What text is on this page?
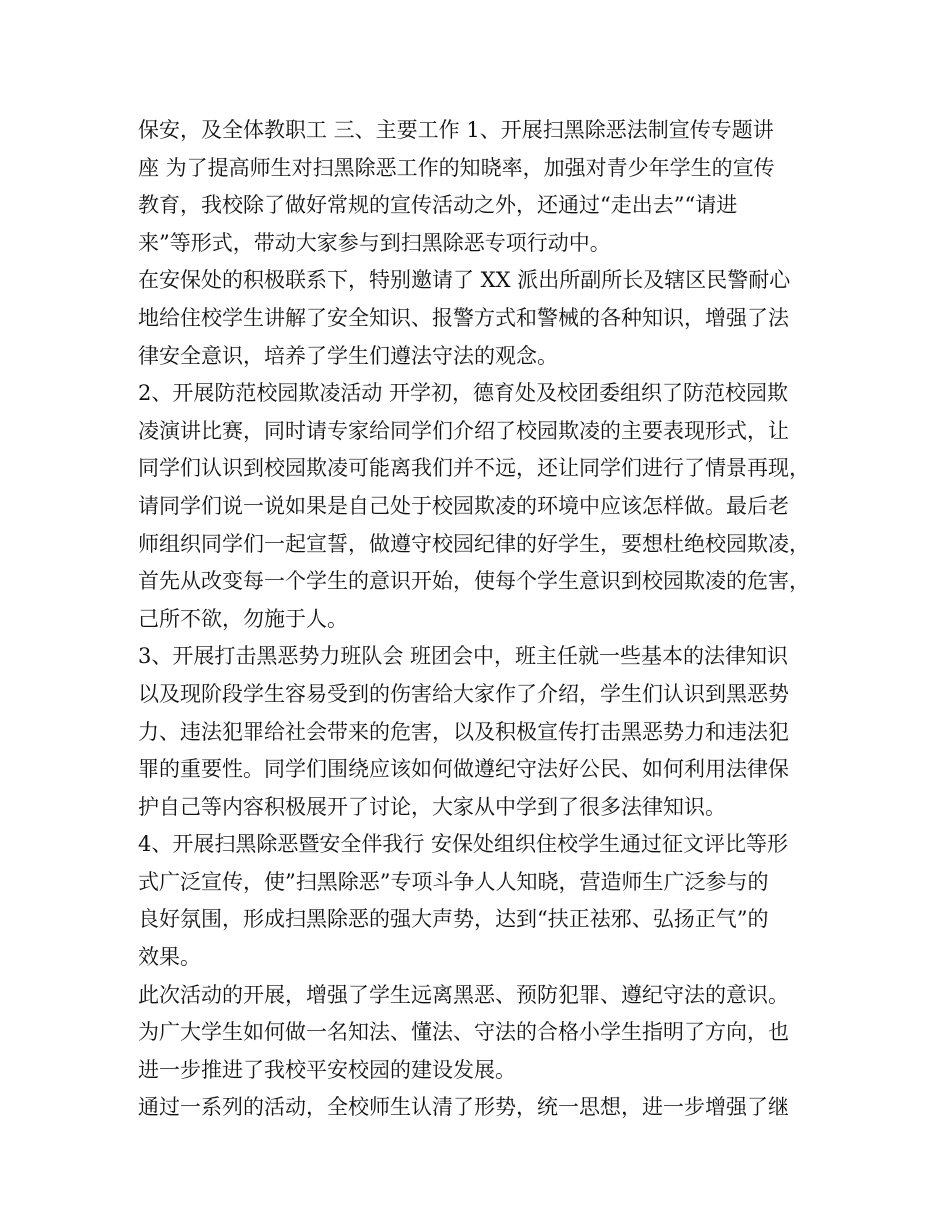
保安，及全体教职工 三、主要工作 1、开展扫黑除恶法制宣传专题讲
座 为了提高师生对扫黑除恶工作的知晓率，加强对青少年学生的宣传
教育，我校除了做好常规的宣传活动之外，还通过“走出去”“请进
来”等形式，带动大家参与到扫黑除恶专项行动中。
在安保处的积极联系下，特别邀请了 XX 派出所副所长及辖区民警耐心
地给住校学生讲解了安全知识、报警方式和警械的各种知识，增强了法
律安全意识，培养了学生们遵法守法的观念。
2、开展防范校园欺凌活动 开学初，德育处及校团委组织了防范校园欺
凌演讲比赛，同时请专家给同学们介绍了校园欺凌的主要表现形式，让
同学们认识到校园欺凌可能离我们并不远，还让同学们进行了情景再现，
请同学们说一说如果是自己处于校园欺凌的环境中应该怎样做。最后老
师组织同学们一起宣誓，做遵守校园纪律的好学生，要想杜绝校园欺凌，
首先从改变每一个学生的意识开始，使每个学生意识到校园欺凌的危害，
己所不欲，勿施于人。
3、开展打击黑恶势力班队会 班团会中，班主任就一些基本的法律知识
以及现阶段学生容易受到的伤害给大家作了介绍，学生们认识到黑恶势
力、违法犯罪给社会带来的危害，以及积极宣传打击黑恶势力和违法犯
罪的重要性。同学们围绕应该如何做遵纪守法好公民、如何利用法律保
护自己等内容积极展开了讨论，大家从中学到了很多法律知识。
4、开展扫黑除恶暨安全伴我行 安保处组织住校学生通过征文评比等形
式广泛宣传，使”扫黑除恶”专项斗争人人知晓，营造师生广泛参与的
良好氛围，形成扫黑除恶的强大声势，达到“扶正祛邪、弘扬正气”的
效果。
此次活动的开展，增强了学生远离黑恶、预防犯罪、遵纪守法的意识。
为广大学生如何做一名知法、懂法、守法的合格小学生指明了方向，也
进一步推进了我校平安校园的建设发展。
通过一系列的活动，全校师生认清了形势，统一思想，进一步增强了继
